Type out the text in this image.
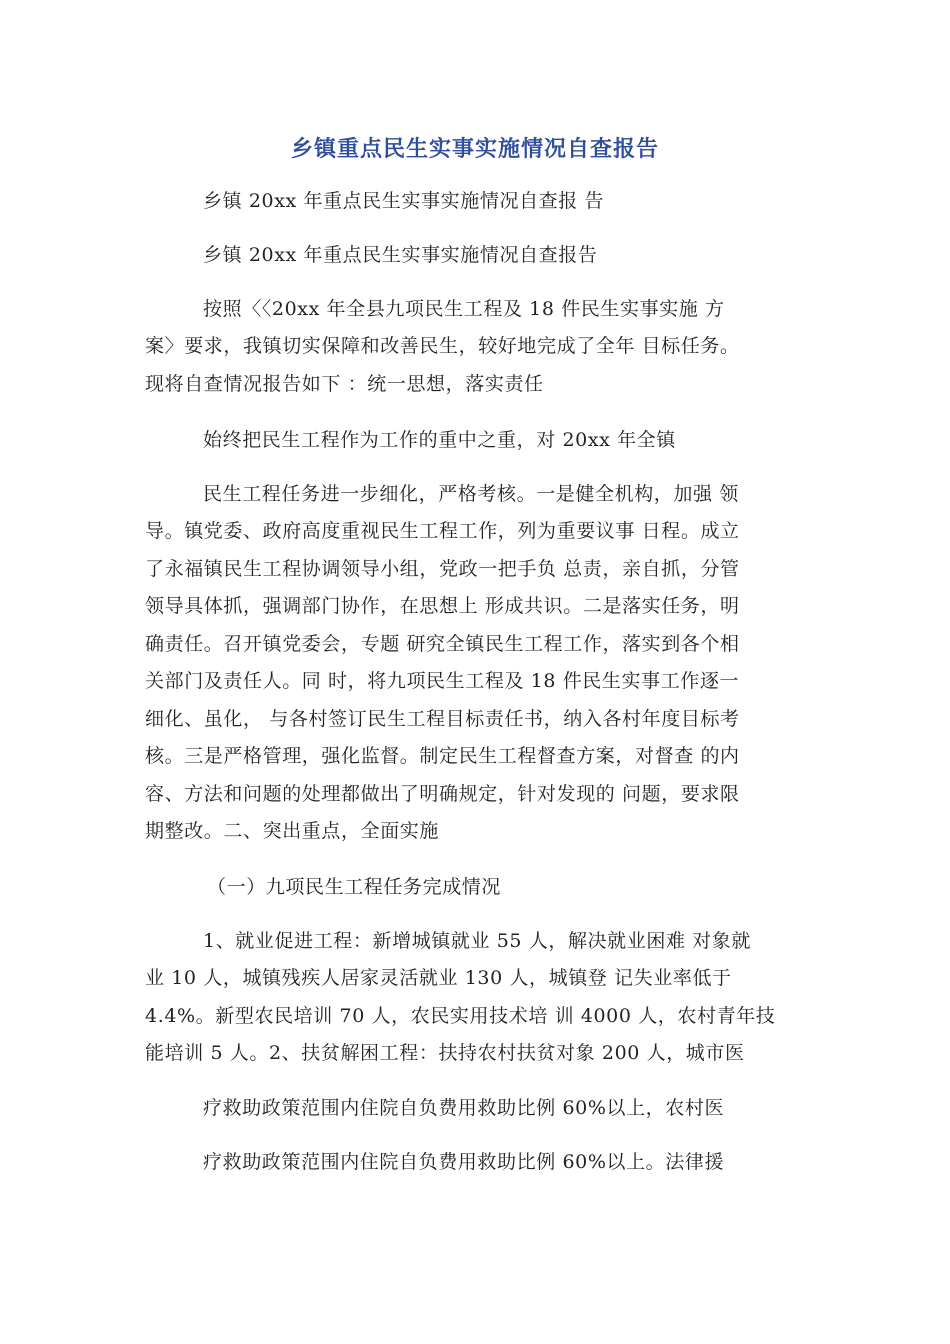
乡镇重点民生实事实施情况自查报告
乡镇 20xx 年重点民生实事实施情况自查报 告
乡镇 20xx 年重点民生实事实施情况自查报告
按照〈〈20xx 年全县九项民生工程及 18 件民生实事实施 方
案〉要求，我镇切实保障和改善民生，较好地完成了全年 目标任务。
现将自查情况报告如下 ：统一思想，落实责任
始终把民生工程作为工作的重中之重，对 20xx 年全镇
民生工程任务进一步细化，严格考核。一是健全机构，加强 领
导。镇党委、政府高度重视民生工程工作，列为重要议事 日程。成立
了永福镇民生工程协调领导小组，党政一把手负 总责，亲自抓，分管
领导具体抓，强调部门协作，在思想上 形成共识。二是落实任务，明
确责任。召开镇党委会，专题 研究全镇民生工程工作，落实到各个相
关部门及责任人。同 时，将九项民生工程及 18 件民生实事工作逐一
细化、虽化， 与各村签订民生工程目标责任书，纳入各村年度目标考
核。三是严格管理，强化监督。制定民生工程督查方案，对督查 的内
容、方法和问题的处理都做出了明确规定，针对发现的 问题，要求限
期整改。二、突出重点，全面实施
（一）九项民生工程任务完成情况
1、就业促进工程：新增城镇就业 55 人，解决就业困难 对象就
业 10 人，城镇残疾人居家灵活就业 130 人，城镇登 记失业率低于
4.4%。新型农民培训 70 人，农民实用技术培 训 4000 人，农村青年技
能培训 5 人。2、扶贫解困工程：扶持农村扶贫对象 200 人，城市医
疗救助政策范围内住院自负费用救助比例 60%以上，农村医
疗救助政策范围内住院自负费用救助比例 60%以上。法律援
